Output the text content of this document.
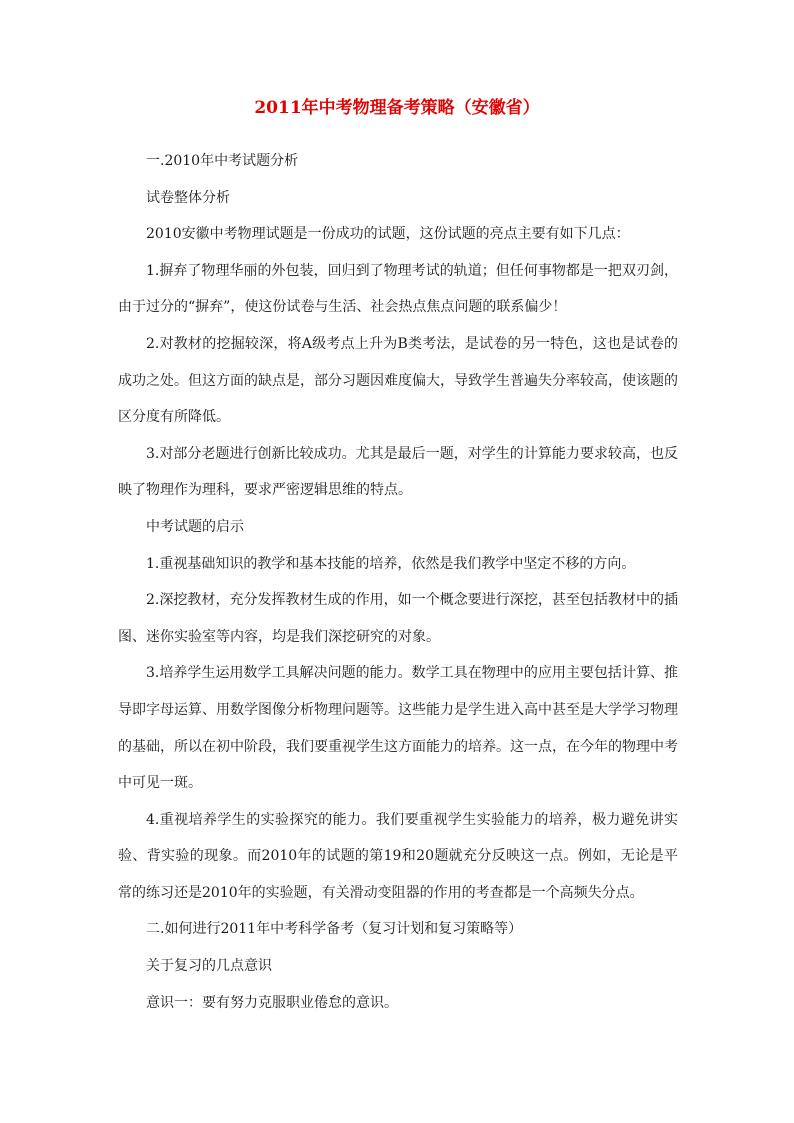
2011年中考物理备考策略（安徽省）

一.2010年中考试题分析

试卷整体分析

2010安徽中考物理试题是一份成功的试题，这份试题的亮点主要有如下几点：

1.摒弃了物理华丽的外包装，回归到了物理考试的轨道；但任何事物都是一把双刃剑，由于过分的“摒弃”，使这份试卷与生活、社会热点焦点问题的联系偏少！

2.对教材的挖掘较深，将A级考点上升为B类考法，是试卷的另一特色，这也是试卷的成功之处。但这方面的缺点是，部分习题因难度偏大，导致学生普遍失分率较高，使该题的区分度有所降低。

3.对部分老题进行创新比较成功。尤其是最后一题，对学生的计算能力要求较高，也反映了物理作为理科，要求严密逻辑思维的特点。

中考试题的启示

1.重视基础知识的教学和基本技能的培养，依然是我们教学中坚定不移的方向。

2.深挖教材，充分发挥教材生成的作用，如一个概念要进行深挖，甚至包括教材中的插图、迷你实验室等内容，均是我们深挖研究的对象。

3.培养学生运用数学工具解决问题的能力。数学工具在物理中的应用主要包括计算、推导即字母运算、用数学图像分析物理问题等。这些能力是学生进入高中甚至是大学学习物理的基础，所以在初中阶段，我们要重视学生这方面能力的培养。这一点，在今年的物理中考中可见一斑。

4.重视培养学生的实验探究的能力。我们要重视学生实验能力的培养，极力避免讲实验、背实验的现象。而2010年的试题的第19和20题就充分反映这一点。例如，无论是平常的练习还是2010年的实验题，有关滑动变阻器的作用的考查都是一个高频失分点。

二.如何进行2011年中考科学备考（复习计划和复习策略等）

关于复习的几点意识

意识一：要有努力克服职业倦怠的意识。
